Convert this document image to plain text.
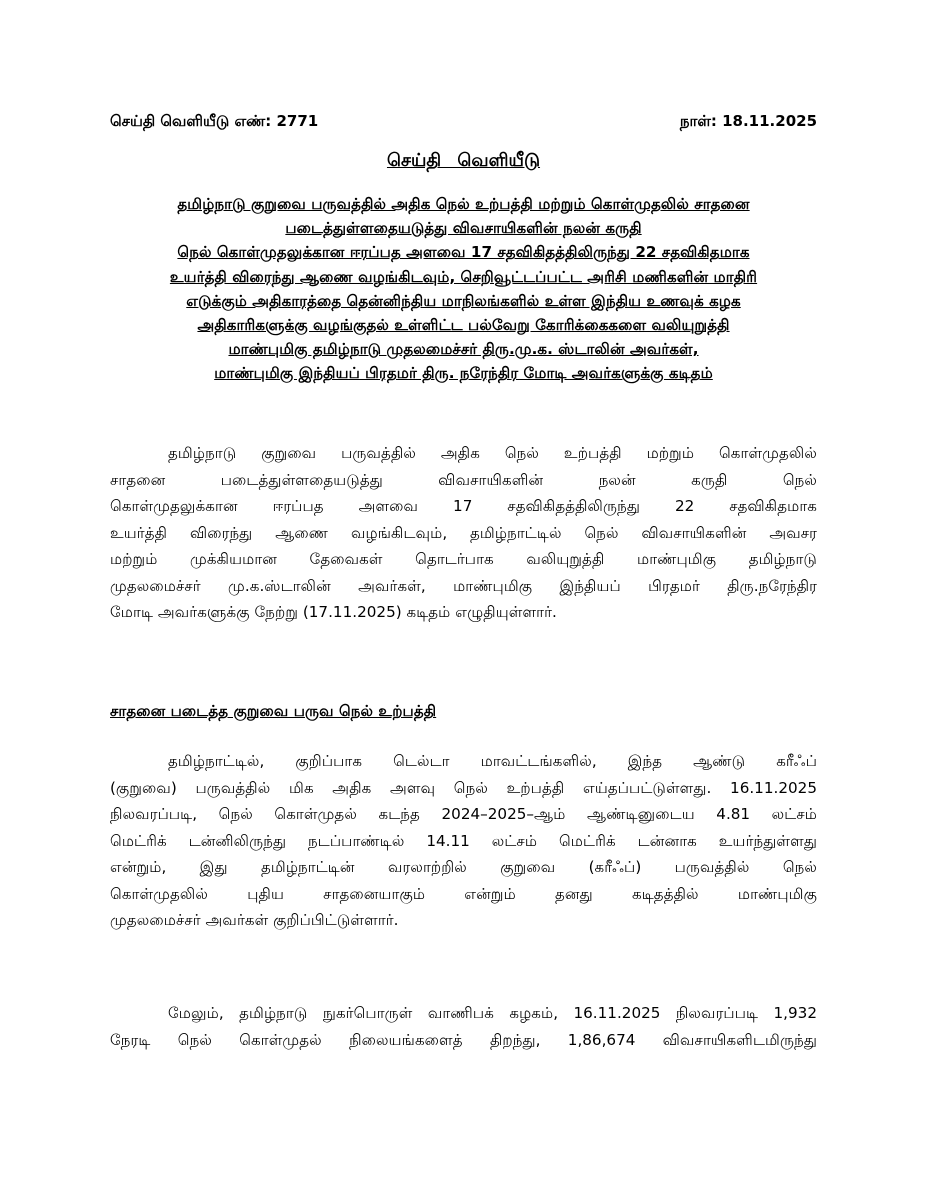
செய்தி வெளியீடு எண்: 2771	நாள்: 18.11.2025
செய்தி வெளியீடு
தமிழ்நாடு குறுவை பருவத்தில் அதிக நெல் உற்பத்தி மற்றும் கொள்முதலில் சாதனை
படைத்துள்ளதையடுத்து விவசாயிகளின் நலன் கருதி
நெல் கொள்முதலுக்கான ஈரப்பத அளவை 17 சதவிகிதத்திலிருந்து 22 சதவிகிதமாக
உயர்த்தி விரைந்து ஆணை வழங்கிடவும், செறிவூட்டப்பட்ட அரிசி மணிகளின் மாதிரி
எடுக்கும் அதிகாரத்தை தென்னிந்திய மாநிலங்களில் உள்ள இந்திய உணவுக் கழக
அதிகாரிகளுக்கு வழங்குதல் உள்ளிட்ட பல்வேறு கோரிக்கைகளை வலியுறுத்தி
மாண்புமிகு தமிழ்நாடு முதலமைச்சர் திரு.மு.க. ஸ்டாலின் அவர்கள்,
மாண்புமிகு இந்தியப் பிரதமர் திரு. நரேந்திர மோடி அவர்களுக்கு கடிதம்
தமிழ்நாடு குறுவை பருவத்தில் அதிக நெல் உற்பத்தி மற்றும் கொள்முதலில்
சாதனை படைத்துள்ளதையடுத்து விவசாயிகளின் நலன் கருதி நெல்
கொள்முதலுக்கான ஈரப்பத அளவை 17 சதவிகிதத்திலிருந்து 22 சதவிகிதமாக
உயர்த்தி விரைந்து ஆணை வழங்கிடவும், தமிழ்நாட்டில் நெல் விவசாயிகளின் அவசர
மற்றும் முக்கியமான தேவைகள் தொடர்பாக வலியுறுத்தி மாண்புமிகு தமிழ்நாடு
முதலமைச்சர் மு.க.ஸ்டாலின் அவர்கள், மாண்புமிகு இந்தியப் பிரதமர் திரு.நரேந்திர
மோடி அவர்களுக்கு நேற்று (17.11.2025) கடிதம் எழுதியுள்ளார்.
சாதனை படைத்த குறுவை பருவ நெல் உற்பத்தி
தமிழ்நாட்டில், குறிப்பாக டெல்டா மாவட்டங்களில், இந்த ஆண்டு கரீஃப்
(குறுவை) பருவத்தில் மிக அதிக அளவு நெல் உற்பத்தி எய்தப்பட்டுள்ளது. 16.11.2025
நிலவரப்படி, நெல் கொள்முதல் கடந்த 2024–2025–ஆம் ஆண்டினுடைய 4.81 லட்சம்
மெட்ரிக் டன்னிலிருந்து நடப்பாண்டில் 14.11 லட்சம் மெட்ரிக் டன்னாக உயர்ந்துள்ளது
என்றும், இது தமிழ்நாட்டின் வரலாற்றில் குறுவை (கரீஃப்) பருவத்தில் நெல்
கொள்முதலில் புதிய சாதனையாகும் என்றும் தனது கடிதத்தில் மாண்புமிகு
முதலமைச்சர் அவர்கள் குறிப்பிட்டுள்ளார்.
மேலும், தமிழ்நாடு நுகர்பொருள் வாணிபக் கழகம், 16.11.2025 நிலவரப்படி 1,932
நேரடி நெல் கொள்முதல் நிலையங்களைத் திறந்து, 1,86,674 விவசாயிகளிடமிருந்து
